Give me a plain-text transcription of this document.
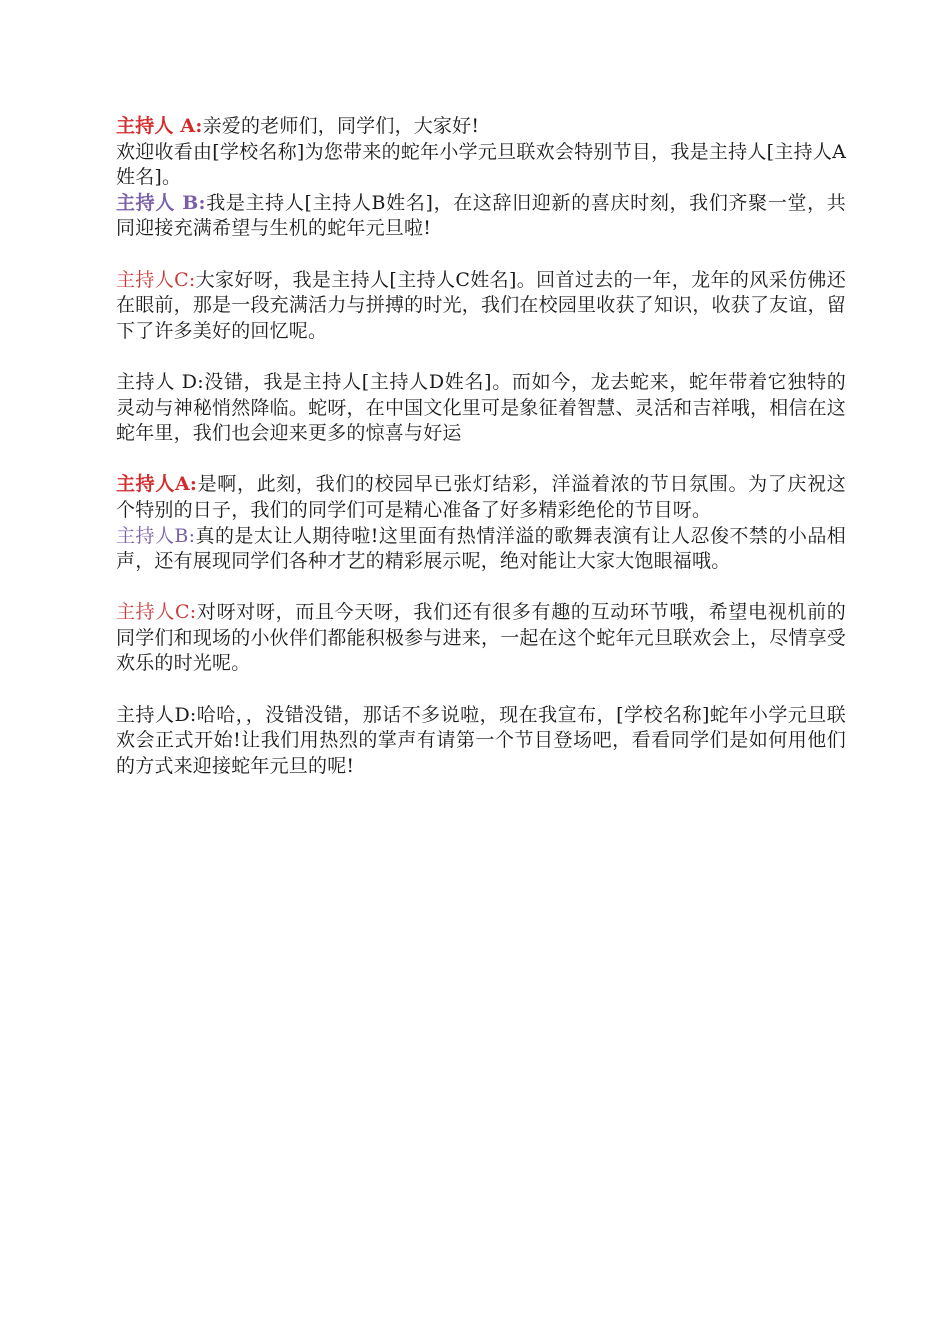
主持人 A:亲爱的老师们，同学们，大家好!

欢迎收看由[学校名称]为您带来的蛇年小学元旦联欢会特别节目，我是主持人[主持人A姓名]。

主持人 B:我是主持人[主持人B姓名]，在这辞旧迎新的喜庆时刻，我们齐聚一堂，共同迎接充满希望与生机的蛇年元旦啦!

主持人C:大家好呀，我是主持人[主持人C姓名]。回首过去的一年，龙年的风采仿佛还在眼前，那是一段充满活力与拼搏的时光，我们在校园里收获了知识，收获了友谊，留下了许多美好的回忆呢。

主持人 D:没错，我是主持人[主持人D姓名]。而如今，龙去蛇来，蛇年带着它独特的灵动与神秘悄然降临。蛇呀，在中国文化里可是象征着智慧、灵活和吉祥哦，相信在这蛇年里，我们也会迎来更多的惊喜与好运

主持人A:是啊，此刻，我们的校园早已张灯结彩，洋溢着浓的节日氛围。为了庆祝这个特别的日子，我们的同学们可是精心准备了好多精彩绝伦的节目呀。

主持人B:真的是太让人期待啦!这里面有热情洋溢的歌舞表演有让人忍俊不禁的小品相声，还有展现同学们各种才艺的精彩展示呢，绝对能让大家大饱眼福哦。

主持人C:对呀对呀，而且今天呀，我们还有很多有趣的互动环节哦，希望电视机前的同学们和现场的小伙伴们都能积极参与进来，一起在这个蛇年元旦联欢会上，尽情享受欢乐的时光呢。

主持人D:哈哈，，没错没错，那话不多说啦，现在我宣布，[学校名称]蛇年小学元旦联欢会正式开始!让我们用热烈的掌声有请第一个节目登场吧，看看同学们是如何用他们的方式来迎接蛇年元旦的呢!
